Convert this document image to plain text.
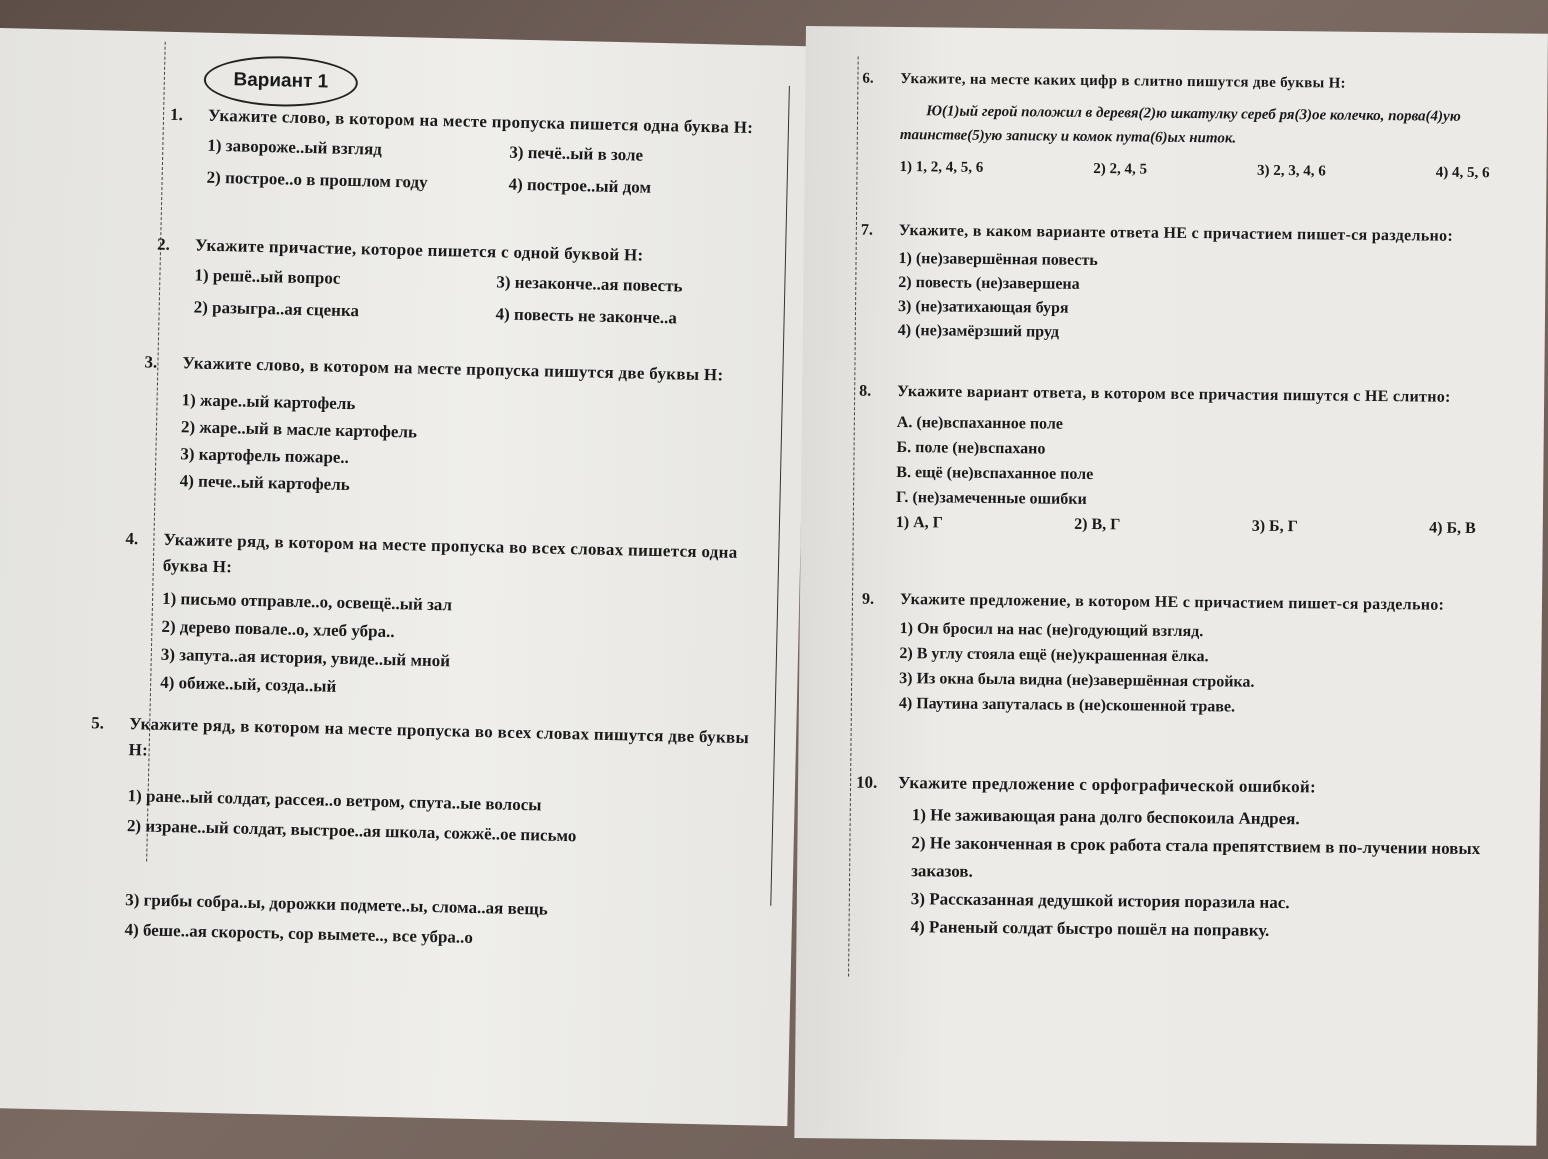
Вариант 1
1. Укажите слово, в котором на месте пропуска пишется одна буква Н:
1) завороже..ый взгляд	3) печё..ый в золе
2) построе..о в прошлом году	4) построе..ый дом
2. Укажите причастие, которое пишется с одной буквой Н:
1) решё..ый вопрос	3) незаконче..ая повесть
2) разыгра..ая сценка	4) повесть не законче..а
3. Укажите слово, в котором на месте пропуска пишутся две буквы Н:
1) жаре..ый картофель
2) жаре..ый в масле картофель
3) картофель пожаре..
4) пече..ый картофель
4. Укажите ряд, в котором на месте пропуска во всех словах пишется одна буква Н:
1) письмо отправле..о, освещё..ый зал
2) дерево повале..о, хлеб убра..
3) запута..ая история, увиде..ый мной
4) обиже..ый, созда..ый
5. Укажите ряд, в котором на месте пропуска во всех словах пишутся две буквы Н:
1) ране..ый солдат, рассея..о ветром, спута..ые волосы
2) изране..ый солдат, выстрое..ая школа, сожжё..ое письмо
3) грибы собра..ы, дорожки подмете..ы, сломa..ая вещь
4) беше..ая скорость, сор вымете.., все убра..о
6. Укажите, на месте каких цифр в слитно пишутся две буквы Н:
Ю(1)ый герой положил в деревя(2)ю шкатулку сереб ря(3)ое колечко, порва(4)ую таинстве(5)ую записку и комок пута(6)ых ниток.
1) 1, 2, 4, 5, 6	2) 2, 4, 5	3) 2, 3, 4, 6	4) 4, 5, 6
7. Укажите, в каком варианте ответа НЕ с причастием пишет-ся раздельно:
1) (не)завершённая повесть
2) повесть (не)завершена
3) (не)затихающая буря
4) (не)замёрзший пруд
8. Укажите вариант ответа, в котором все причастия пишутся с НЕ слитно:
А. (не)вспаханное поле
Б. поле (не)вспахано
В. ещё (не)вспаханное поле
Г. (не)замеченные ошибки
1) А, Г	2) В, Г	3) Б, Г	4) Б, В
9. Укажите предложение, в котором НЕ с причастием пишет-ся раздельно:
1) Он бросил на нас (не)годующий взгляд.
2) В углу стояла ещё (не)украшенная ёлка.
3) Из окна была видна (не)завершённая стройка.
4) Паутина запуталась в (не)скошенной траве.
10. Укажите предложение с орфографической ошибкой:
1) Не заживающая рана долго беспокоила Андрея.
2) Не законченная в срок работа стала препятствием в по-лучении новых заказов.
3) Рассказанная дедушкой история поразила нас.
4) Раненый солдат быстро пошёл на поправку.
